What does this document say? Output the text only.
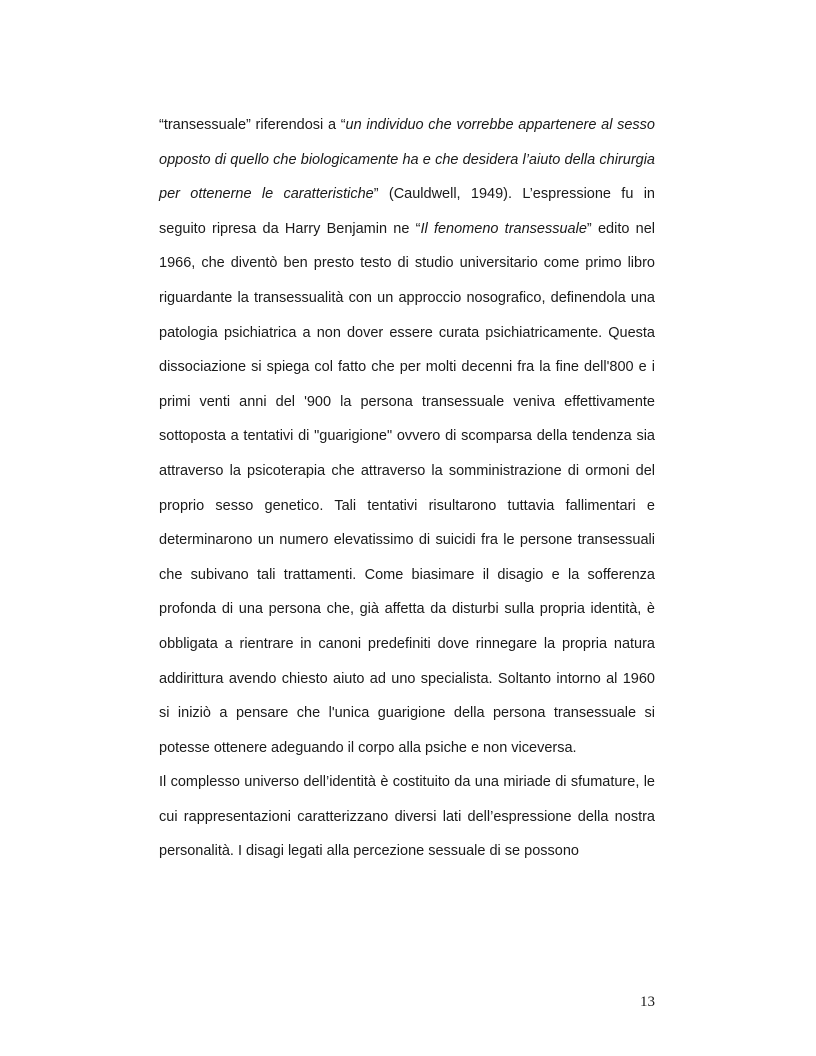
“transessuale” riferendosi a “un individuo che vorrebbe appartenere al sesso opposto di quello che biologicamente ha e che desidera l’aiuto della chirurgia per ottenerne le caratteristiche” (Cauldwell, 1949). L’espressione fu in seguito ripresa da Harry Benjamin ne “Il fenomeno transessuale” edito nel 1966, che diventò ben presto testo di studio universitario come primo libro riguardante la transessualità con un approccio nosografico, definendola una patologia psichiatrica a non dover essere curata psichiatricamente. Questa dissociazione si spiega col fatto che per molti decenni fra la fine dell'800 e i primi venti anni del '900 la persona transessuale veniva effettivamente sottoposta a tentativi di "guarigione" ovvero di scomparsa della tendenza sia attraverso la psicoterapia che attraverso la somministrazione di ormoni del proprio sesso genetico. Tali tentativi risultarono tuttavia fallimentari e determinarono un numero elevatissimo di suicidi fra le persone transessuali che subivano tali trattamenti. Come biasimare il disagio e la sofferenza profonda di una persona che, già affetta da disturbi sulla propria identità, è obbligata a rientrare in canoni predefiniti dove rinnegare la propria natura addirittura avendo chiesto aiuto ad uno specialista. Soltanto intorno al 1960 si iniziò a pensare che l'unica guarigione della persona transessuale si potesse ottenere adeguando il corpo alla psiche e non viceversa.

Il complesso universo dell’identità è costituito da una miriade di sfumature, le cui rappresentazioni caratterizzano diversi lati dell’espressione della nostra personalità. I disagi legati alla percezione sessuale di se possono

13
